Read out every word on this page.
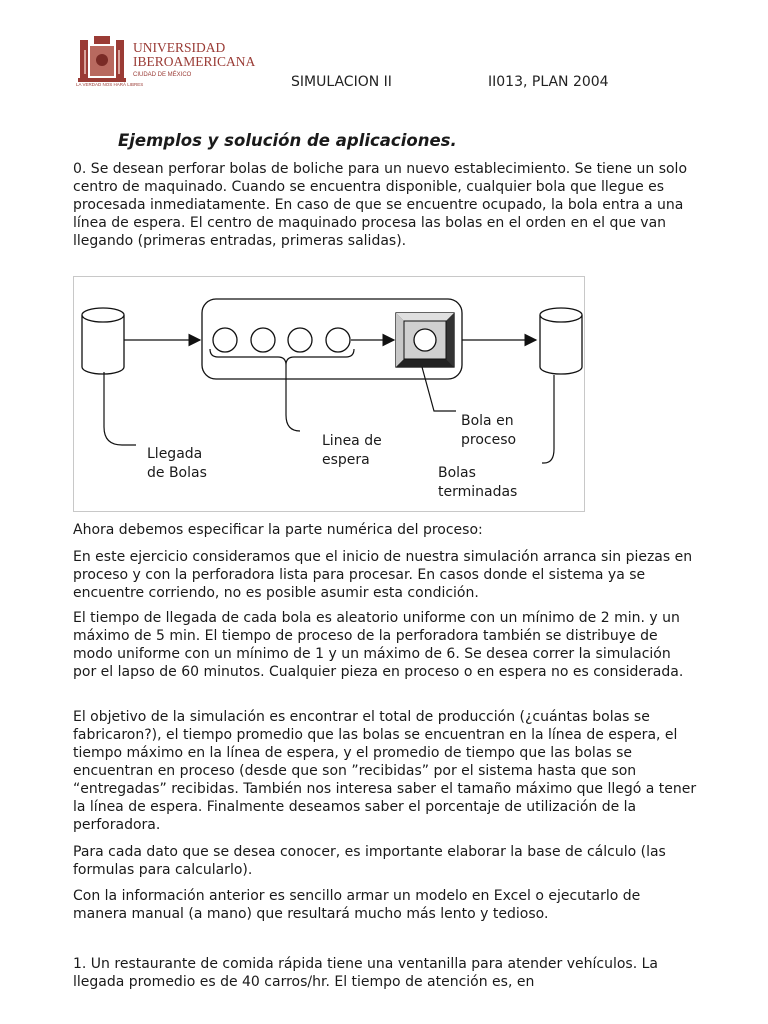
UNIVERSIDAD
IBEROAMERICANA
CIUDAD DE MÉXICO
LA VERDAD NOS HARÁ LIBRES	SIMULACION II	II013, PLAN 2004
Ejemplos y solución de aplicaciones.

0. Se desean perforar bolas de boliche para un nuevo establecimiento. Se tiene un solo centro de maquinado. Cuando se encuentra disponible, cualquier bola que llegue es procesada inmediatamente. En caso de que se encuentre ocupado, la bola entra a una línea de espera. El centro de maquinado procesa las bolas en el orden en el que van llegando (primeras entradas, primeras salidas).

Llegada
de Bolas
Linea de
espera
Bola en
proceso
Bolas
terminadas

Ahora debemos especificar la parte numérica del proceso:

En este ejercicio consideramos que el inicio de nuestra simulación arranca sin piezas en proceso y con la perforadora lista para procesar. En casos donde el sistema ya se encuentre corriendo, no es posible asumir esta condición.

El tiempo de llegada de cada bola es aleatorio uniforme con un mínimo de 2 min. y un máximo de 5 min. El tiempo de proceso de la perforadora también se distribuye de modo uniforme con un mínimo de 1 y un máximo de 6. Se desea correr la simulación por el lapso de 60 minutos. Cualquier pieza en proceso o en espera no es considerada.

El objetivo de la simulación es encontrar el total de producción (¿cuántas bolas se fabricaron?), el tiempo promedio que las bolas se encuentran en la línea de espera, el tiempo máximo en la línea de espera, y el promedio de tiempo que las bolas se encuentran en proceso (desde que son ”recibidas” por el sistema hasta que son “entregadas” recibidas. También nos interesa saber el tamaño máximo que llegó a tener la línea de espera. Finalmente deseamos saber el porcentaje de utilización de la perforadora.

Para cada dato que se desea conocer, es importante elaborar la base de cálculo (las formulas para calcularlo).

Con la información anterior es sencillo armar un modelo en Excel o ejecutarlo de manera manual (a mano) que resultará mucho más lento y tedioso.

1. Un restaurante de comida rápida tiene una ventanilla para atender vehículos. La llegada promedio es de 40 carros/hr. El tiempo de atención es, en
